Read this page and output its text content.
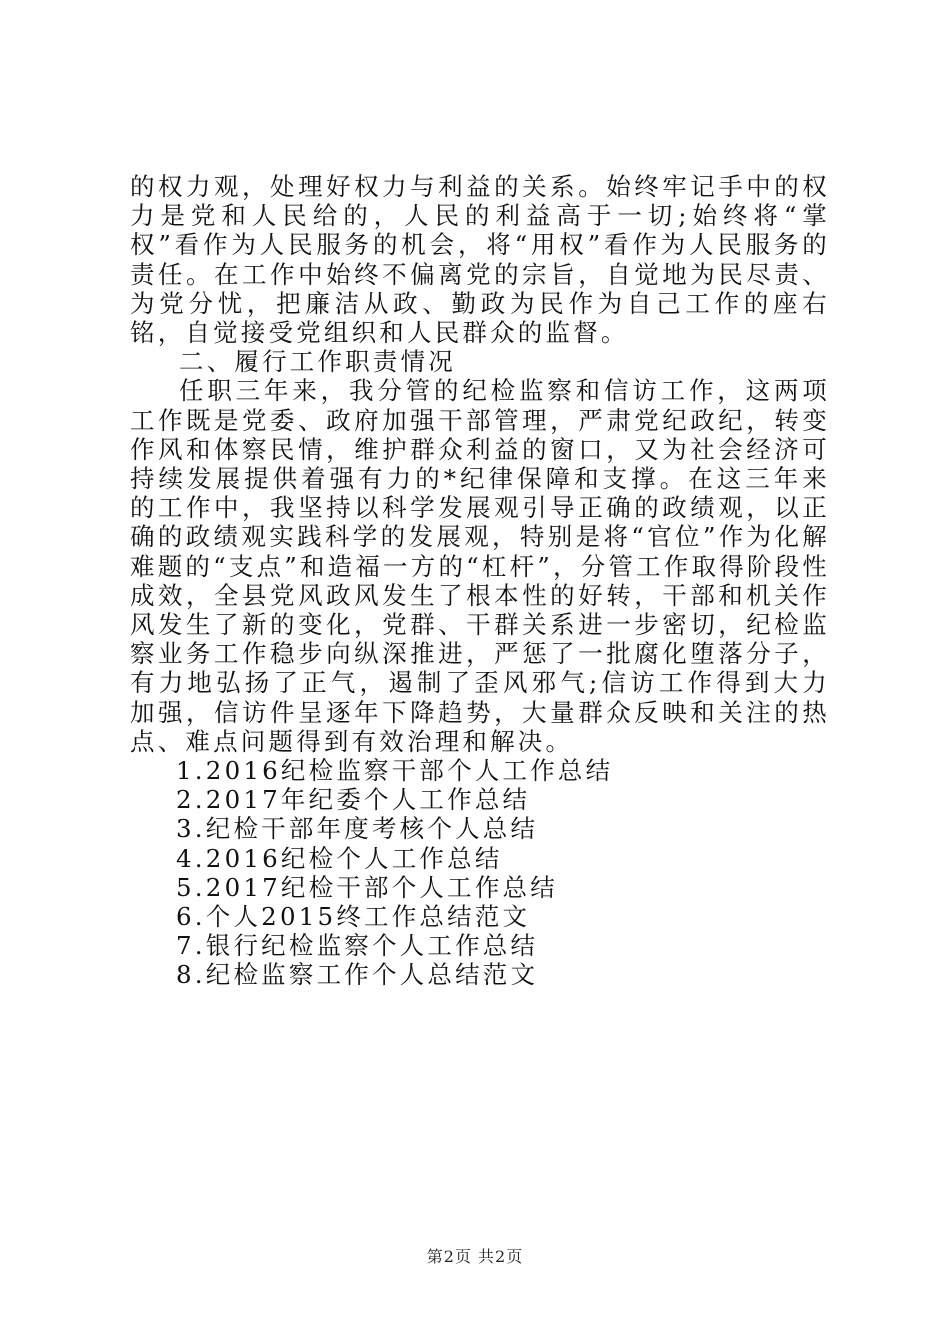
的权力观，处理好权力与利益的关系。始终牢记手中的权力是党和人民给的，人民的利益高于一切;始终将“掌权”看作为人民服务的机会，将“用权”看作为人民服务的责任。在工作中始终不偏离党的宗旨，自觉地为民尽责、为党分忧，把廉洁从政、勤政为民作为自己工作的座右铭，自觉接受党组织和人民群众的监督。

二、履行工作职责情况

任职三年来，我分管的纪检监察和信访工作，这两项工作既是党委、政府加强干部管理，严肃党纪政纪，转变作风和体察民情，维护群众利益的窗口，又为社会经济可持续发展提供着强有力的*纪律保障和支撑。在这三年来的工作中，我坚持以科学发展观引导正确的政绩观，以正确的政绩观实践科学的发展观，特别是将“官位”作为化解难题的“支点”和造福一方的“杠杆”，分管工作取得阶段性成效，全县党风政风发生了根本性的好转，干部和机关作风发生了新的变化，党群、干群关系进一步密切，纪检监察业务工作稳步向纵深推进，严惩了一批腐化堕落分子，有力地弘扬了正气，遏制了歪风邪气;信访工作得到大力加强，信访件呈逐年下降趋势，大量群众反映和关注的热点、难点问题得到有效治理和解决。

1.2016纪检监察干部个人工作总结
2.2017年纪委个人工作总结
3.纪检干部年度考核个人总结
4.2016纪检个人工作总结
5.2017纪检干部个人工作总结
6.个人2015终工作总结范文
7.银行纪检监察个人工作总结
8.纪检监察工作个人总结范文
第2页 共2页
